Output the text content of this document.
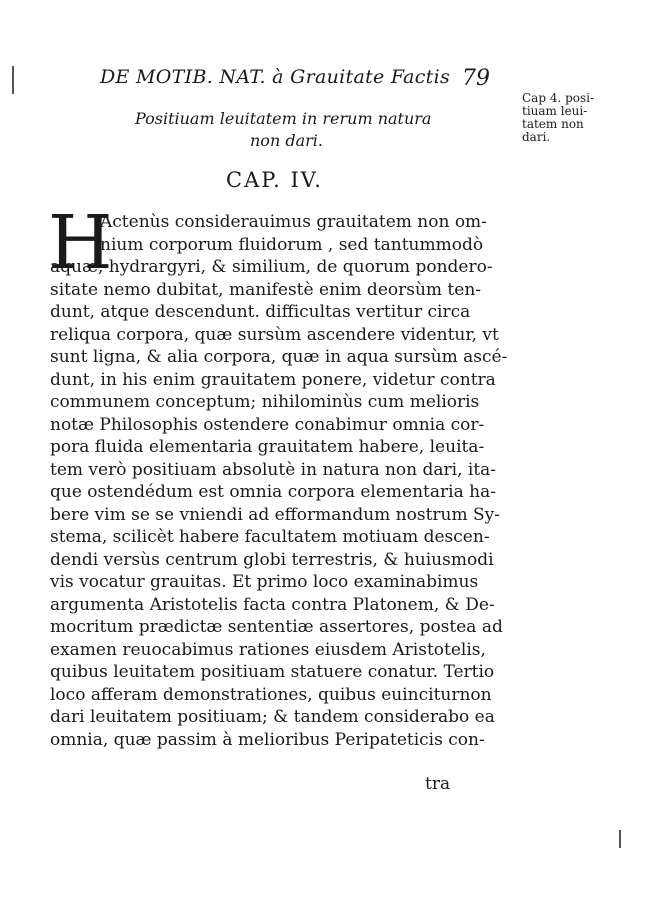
DE MOTIB. NAT. à Grauitate Factis 79
Cap 4. posi-
tiuam leui-
tatem non
dari.
Positiuam leuitatem in rerum natura
non dari.
CAP. IV.
H
Actenùs considerauimus grauitatem non om-
nium corporum fluidorum , sed tantummodò
aquæ, hydrargyri, & similium, de quorum pondero-
sitate nemo dubitat, manifestè enim deorsùm ten-
dunt, atque descendunt. difficultas vertitur circa
reliqua corpora, quæ sursùm ascendere videntur, vt
sunt ligna, & alia corpora, quæ in aqua sursùm ascé-
dunt, in his enim grauitatem ponere, videtur contra
communem conceptum; nihilominùs cum melioris
notæ Philosophis ostendere conabimur omnia cor-
pora fluida elementaria grauitatem habere, leuita-
tem verò positiuam absolutè in natura non dari, ita-
que ostendédum est omnia corpora elementaria ha-
bere vim se se vniendi ad efformandum nostrum Sy-
stema, scilicèt habere facultatem motiuam descen-
dendi versùs centrum globi terrestris, & huiusmodi
vis vocatur grauitas. Et primo loco examinabimus
argumenta Aristotelis facta contra Platonem, & De-
mocritum prædictæ sententiæ assertores, postea ad
examen reuocabimus rationes eiusdem Aristotelis,
quibus leuitatem positiuam statuere conatur. Tertio
loco afferam demonstrationes, quibus euinciturnon
dari leuitatem positiuam; & tandem considerabo ea
omnia, quæ passim à melioribus Peripateticis con-
tra
